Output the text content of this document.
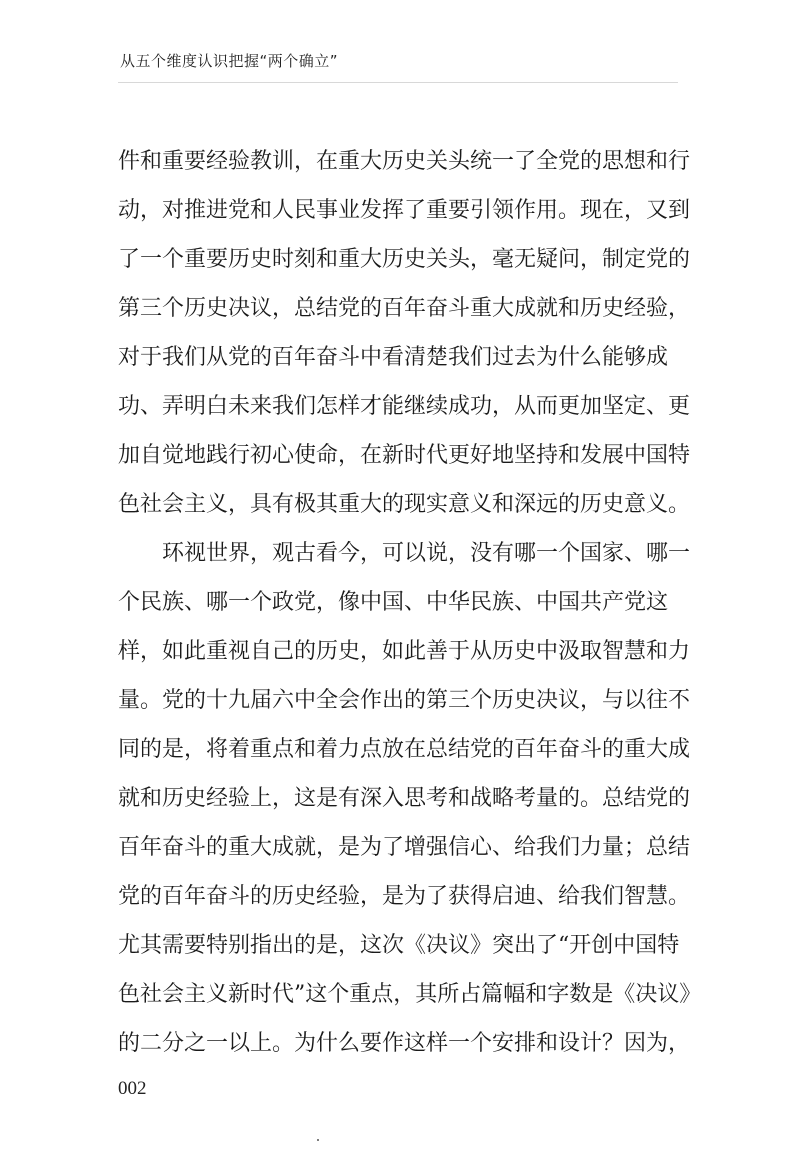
从五个维度认识把握“两个确立”
件和重要经验教训，在重大历史关头统一了全党的思想和行
动，对推进党和人民事业发挥了重要引领作用。现在，又到
了一个重要历史时刻和重大历史关头，毫无疑问，制定党的
第三个历史决议，总结党的百年奋斗重大成就和历史经验，
对于我们从党的百年奋斗中看清楚我们过去为什么能够成
功、弄明白未来我们怎样才能继续成功，从而更加坚定、更
加自觉地践行初心使命，在新时代更好地坚持和发展中国特
色社会主义，具有极其重大的现实意义和深远的历史意义。
环视世界，观古看今，可以说，没有哪一个国家、哪一
个民族、哪一个政党，像中国、中华民族、中国共产党这
样，如此重视自己的历史，如此善于从历史中汲取智慧和力
量。党的十九届六中全会作出的第三个历史决议，与以往不
同的是，将着重点和着力点放在总结党的百年奋斗的重大成
就和历史经验上，这是有深入思考和战略考量的。总结党的
百年奋斗的重大成就，是为了增强信心、给我们力量；总结
党的百年奋斗的历史经验，是为了获得启迪、给我们智慧。
尤其需要特别指出的是，这次《决议》突出了“开创中国特
色社会主义新时代”这个重点，其所占篇幅和字数是《决议》
的二分之一以上。为什么要作这样一个安排和设计？因为，
002
